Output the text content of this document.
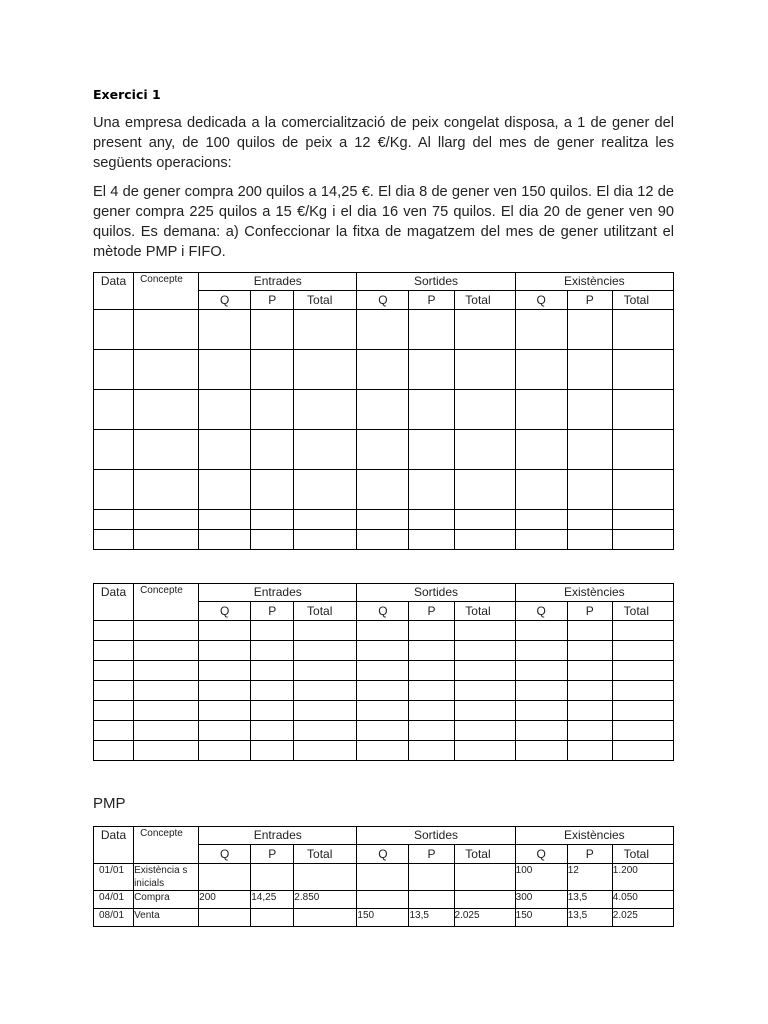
Exercici 1
Una empresa dedicada a la comercialització de peix congelat disposa, a 1 de gener del present any, de 100 quilos de peix a 12 €/Kg. Al llarg del mes de gener realitza les següents operacions:
El 4 de gener compra 200 quilos a 14,25 €. El dia 8 de gener ven 150 quilos. El dia 12 de gener compra 225 quilos a 15 €/Kg i el dia 16 ven 75 quilos. El dia 20 de gener ven 90 quilos. Es demana: a) Confeccionar la fitxa de magatzem del mes de gener utilitzant el mètode PMP i FIFO.
Data	Concepte	Entrades			Sortides			Existències		
		Q	P	Total	Q	P	Total	Q	P	Total

Data	Concepte	Entrades			Sortides			Existències		
		Q	P	Total	Q	P	Total	Q	P	Total

PMP
Data	Concepte	Entrades			Sortides			Existències		
		Q	P	Total	Q	P	Total	Q	P	Total
01/01	Existència s inicials							100	12	1.200
04/01	Compra	200	14,25	2.850				300	13,5	4.050
08/01	Venta				150	13,5	2.025	150	13,5	2.025
